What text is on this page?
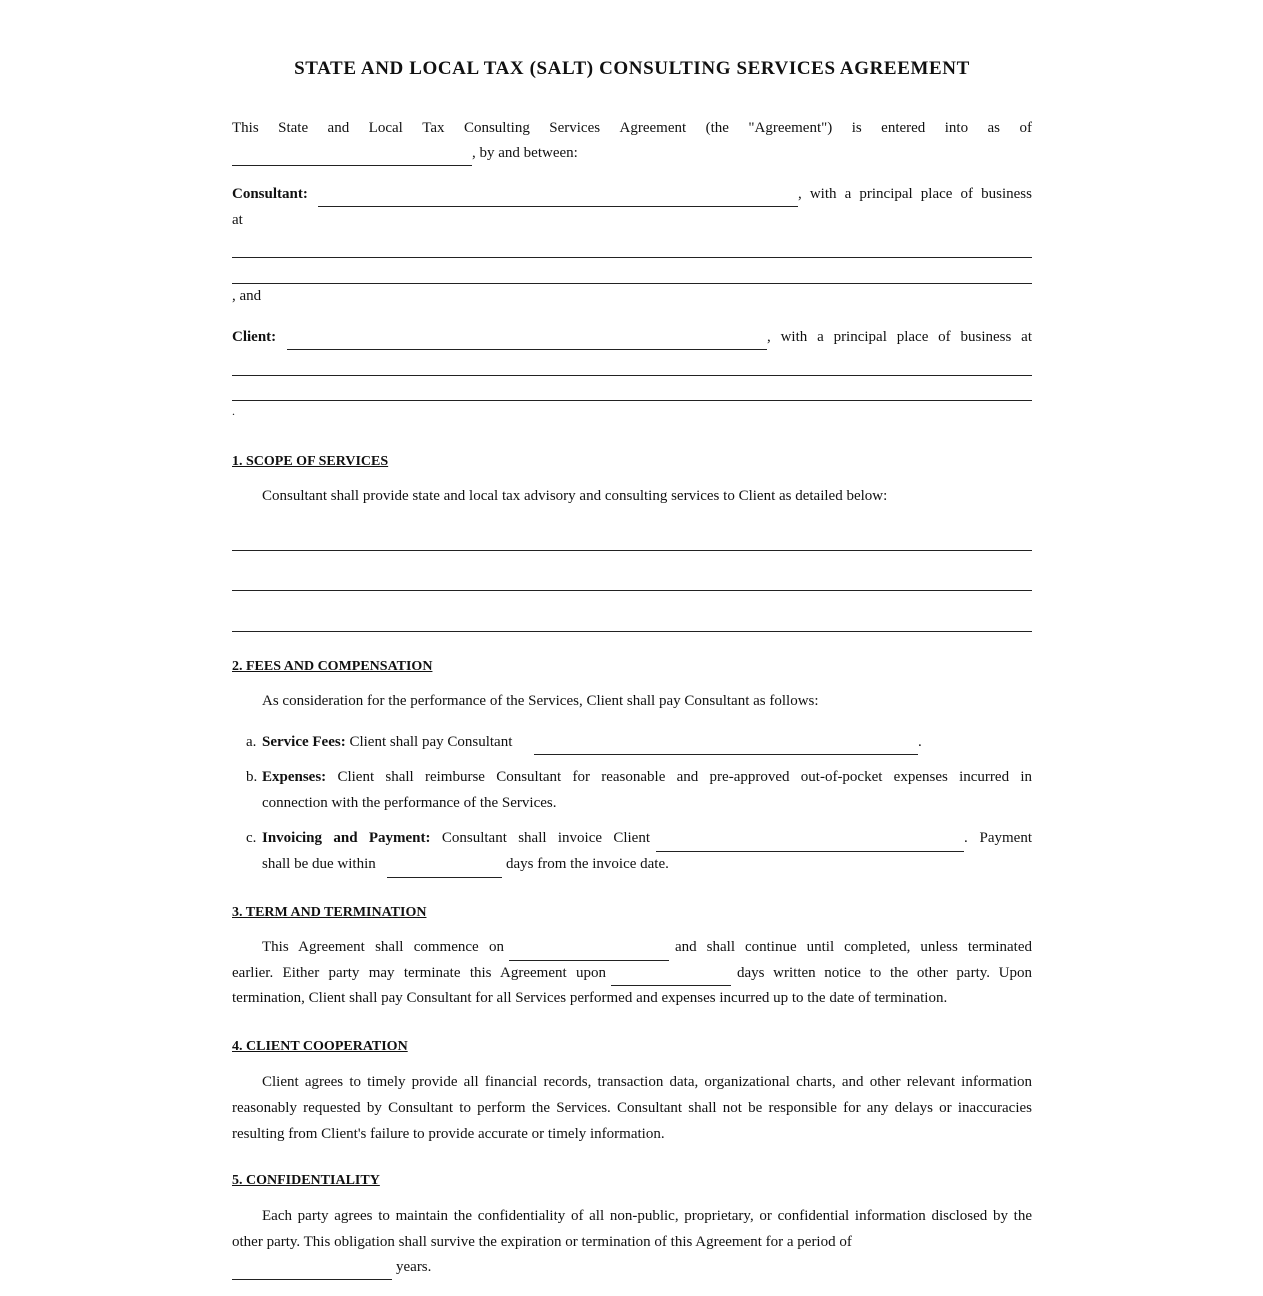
STATE AND LOCAL TAX (SALT) CONSULTING SERVICES AGREEMENT
This State and Local Tax Consulting Services Agreement (the "Agreement") is entered into as of
, by and between:
Consultant:	, with a principal place of business
at
, and
Client:	, with a principal place of business at
.
1. SCOPE OF SERVICES
Consultant shall provide state and local tax advisory and consulting services to Client as detailed below:
2. FEES AND COMPENSATION
As consideration for the performance of the Services, Client shall pay Consultant as follows:
a. Service Fees: Client shall pay Consultant	.
b. Expenses: Client shall reimburse Consultant for reasonable and pre-approved out-of-pocket expenses incurred in
connection with the performance of the Services.
c. Invoicing and Payment: Consultant shall invoice Client	. Payment
shall be due within	days from the invoice date.
3. TERM AND TERMINATION
This Agreement shall commence on	and shall continue until completed, unless terminated
earlier. Either party may terminate this Agreement upon	days written notice to the other party. Upon
termination, Client shall pay Consultant for all Services performed and expenses incurred up to the date of termination.
4. CLIENT COOPERATION
Client agrees to timely provide all financial records, transaction data, organizational charts, and other relevant information reasonably requested by Consultant to perform the Services. Consultant shall not be responsible for any delays or inaccuracies resulting from Client's failure to provide accurate or timely information.
5. CONFIDENTIALITY
Each party agrees to maintain the confidentiality of all non-public, proprietary, or confidential information disclosed by the other party. This obligation shall survive the expiration or termination of this Agreement for a period of
years.
